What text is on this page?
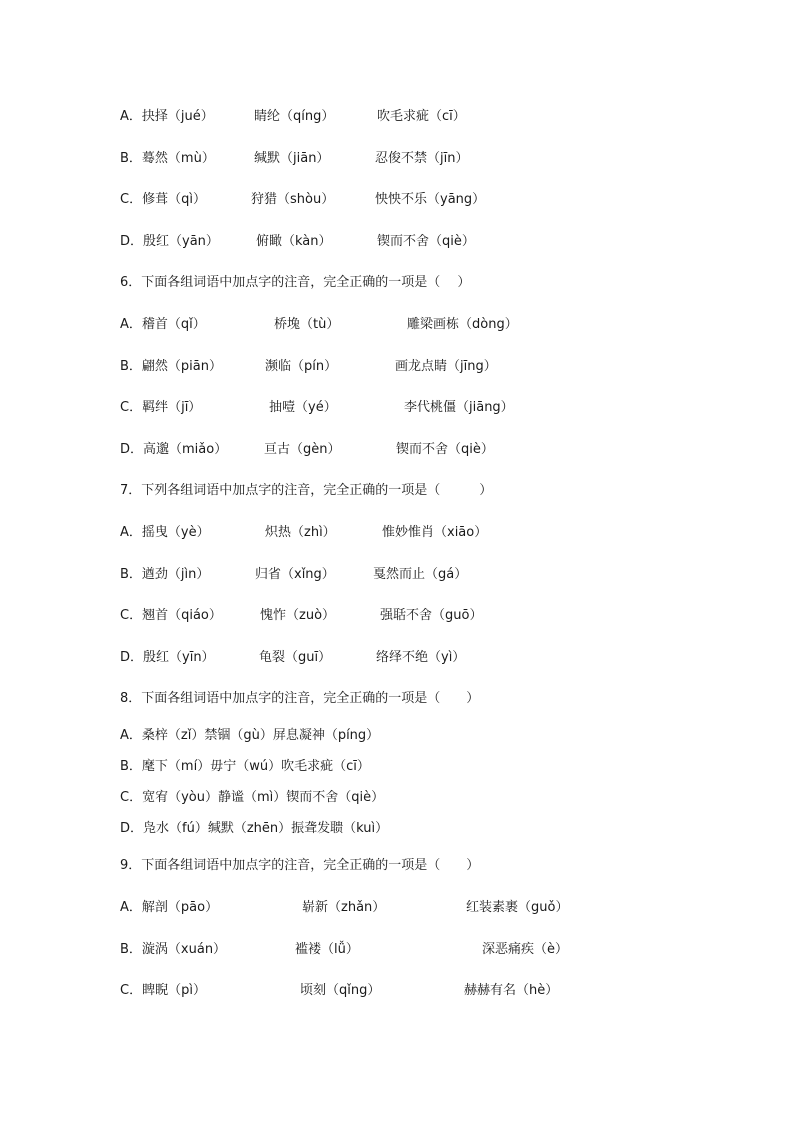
A．抉择（jué）	睛纶（qíng）	吹毛求疵（cī）
B．蓦然（mù）	缄默（jiān）	忍俊不禁（jīn）
C．修葺（qì）	狩猎（shòu）	怏怏不乐（yāng）
D．殷红（yān）	俯瞰（kàn）	锲而不舍（qiè）
6．下面各组词语中加点字的注音，完全正确的一项是（　 ）
A．稽首（qǐ）	桥堍（tù）	雕梁画栋（dòng）
B．翩然（piān）	濒临（pín）	画龙点睛（jīng）
C．羁绊（jī）	抽噎（yé）	李代桃僵（jiāng）
D．高邈（miǎo）	亘古（gèn）	锲而不舍（qiè）
7．下列各组词语中加点字的注音，完全正确的一项是（　　　）
A．摇曳（yè）	炽热（zhì）	惟妙惟肖（xiāo）
B．遒劲（jìn）	归省（xǐng）	戛然而止（gá）
C．翘首（qiáo）	愧怍（zuò）	强聒不舍（guō）
D．殷红（yīn）	龟裂（guī）	络绎不绝（yì）
8．下面各组词语中加点字的注音，完全正确的一项是（　　）
A．桑梓（zǐ）禁锢（gù）屏息凝神（píng）
B．麾下（mí）毋宁（wú）吹毛求疵（cī）
C．宽宥（yòu）静谧（mì）锲而不舍（qiè）
D．凫水（fú）缄默（zhēn）振聋发聩（kuì）
9．下面各组词语中加点字的注音，完全正确的一项是（　　）
A．解剖（pāo）	崭新（zhǎn）	红装素裹（guǒ）
B．漩涡（xuán）	褴褛（lǚ）	深恶痛疾（è）
C．睥睨（pì）	顷刻（qǐng）	赫赫有名（hè）
